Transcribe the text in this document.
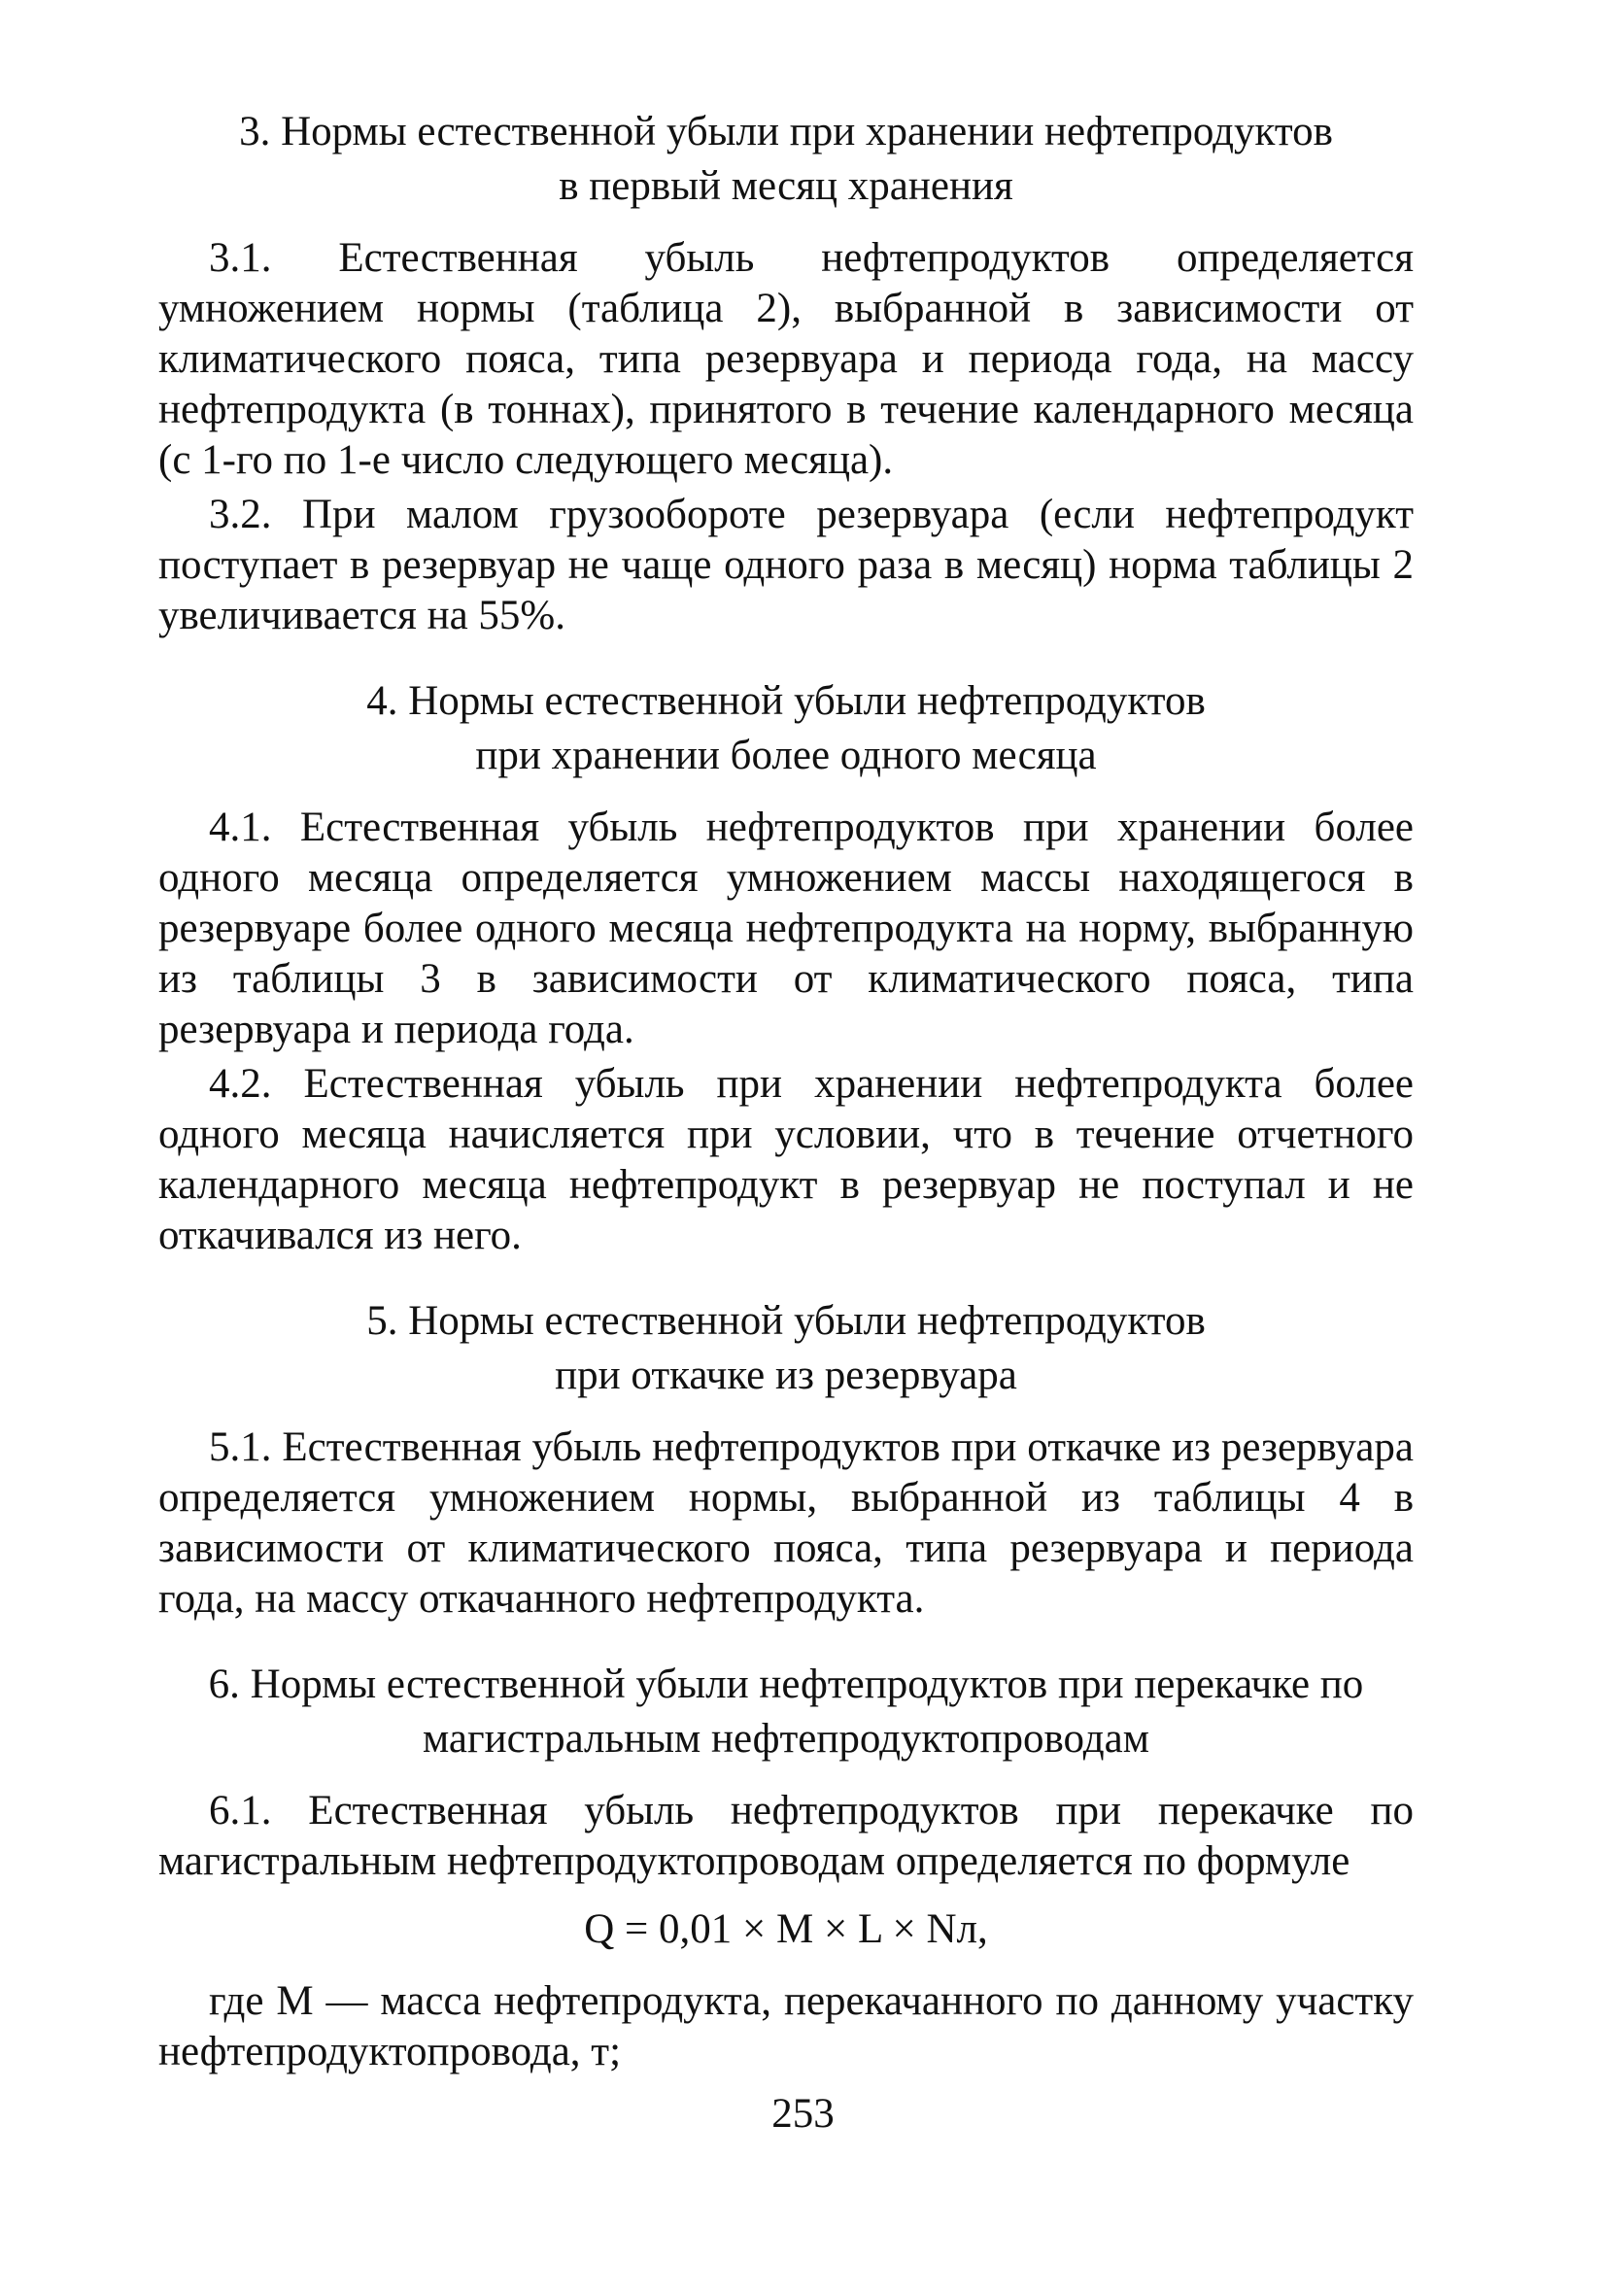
3. Нормы естественной убыли при хранении нефтепродуктов
в первый месяц хранения

3.1. Естественная убыль нефтепродуктов определяется умножением нормы (таблица 2), выбранной в зависимости от климатического пояса, типа резервуара и периода года, на массу нефтепродукта (в тоннах), принятого в течение календарного месяца (с 1-го по 1-е число следующего месяца).

3.2. При малом грузообороте резервуара (если нефтепродукт поступает в резервуар не чаще одного раза в месяц) норма таблицы 2 увеличивается на 55%.

4. Нормы естественной убыли нефтепродуктов
при хранении более одного месяца

4.1. Естественная убыль нефтепродуктов при хранении более одного месяца определяется умножением массы находящегося в резервуаре более одного месяца нефтепродукта на норму, выбранную из таблицы 3 в зависимости от климатического пояса, типа резервуара и периода года.

4.2. Естественная убыль при хранении нефтепродукта более одного месяца начисляется при условии, что в течение отчетного календарного месяца нефтепродукт в резервуар не поступал и не откачивался из него.

5. Нормы естественной убыли нефтепродуктов
при откачке из резервуара

5.1. Естественная убыль нефтепродуктов при откачке из резервуара определяется умножением нормы, выбранной из таблицы 4 в зависимости от климатического пояса, типа резервуара и периода года, на массу откачанного нефтепродукта.

6. Нормы естественной убыли нефтепродуктов при перекачке по
магистральным нефтепродуктопроводам

6.1. Естественная убыль нефтепродуктов при перекачке по магистральным нефтепродуктопроводам определяется по формуле

Q = 0,01 × M × L × Nл,

где М — масса нефтепродукта, перекачанного по данному участку нефтепродуктопровода, т;

253
